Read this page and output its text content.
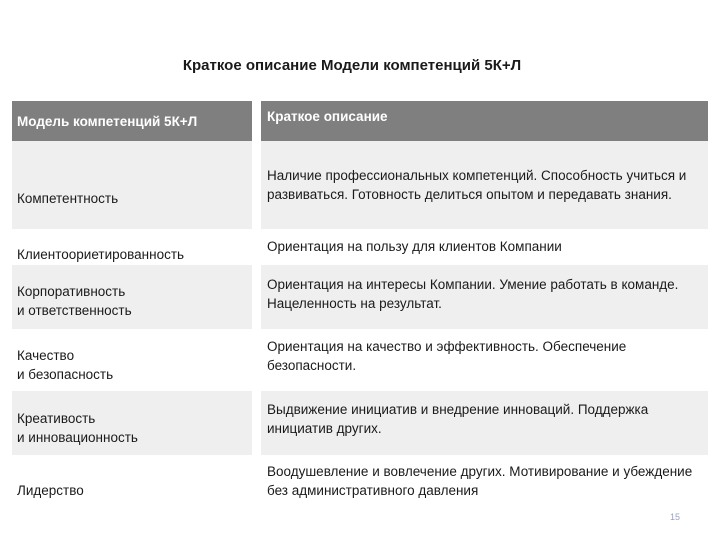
Краткое описание Модели компетенций 5К+Л
Модель компетенций 5К+Л	Краткое описание
Компетентность
Наличие профессиональных компетенций. Способность учиться и развиваться. Готовность делиться опытом и передавать знания.
Клиентоориетированность
Ориентация на пользу для клиентов Компании
Корпоративность
и ответственность
Ориентация на интересы Компании. Умение работать в команде. Нацеленность на результат.
Качество
и безопасность
Ориентация на качество и эффективность. Обеспечение безопасности.
Креативость
и инновационность
Выдвижение инициатив и внедрение инноваций. Поддержка инициатив других.
Лидерство
Воодушевление и вовлечение других. Мотивирование и убеждение без административного давления
15
